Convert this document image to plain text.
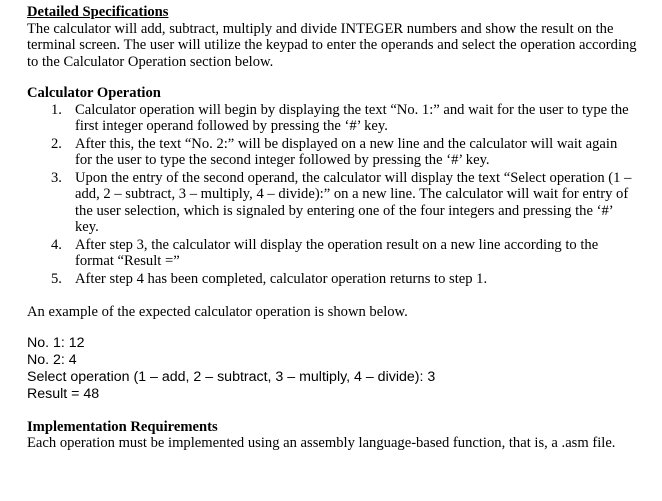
Detailed Specifications

The calculator will add, subtract, multiply and divide INTEGER numbers and show the result on the terminal screen. The user will utilize the keypad to enter the operands and select the operation according to the Calculator Operation section below.

Calculator Operation

1. Calculator operation will begin by displaying the text “No. 1:” and wait for the user to type the first integer operand followed by pressing the ‘#’ key.
2. After this, the text “No. 2:” will be displayed on a new line and the calculator will wait again for the user to type the second integer followed by pressing the ‘#’ key.
3. Upon the entry of the second operand, the calculator will display the text “Select operation (1 – add, 2 – subtract, 3 – multiply, 4 – divide):” on a new line. The calculator will wait for entry of the user selection, which is signaled by entering one of the four integers and pressing the ‘#’ key.
4. After step 3, the calculator will display the operation result on a new line according to the format “Result =”
5. After step 4 has been completed, calculator operation returns to step 1.

An example of the expected calculator operation is shown below.

No. 1: 12

No. 2: 4

Select operation (1 – add, 2 – subtract, 3 – multiply, 4 – divide): 3

Result = 48

Implementation Requirements

Each operation must be implemented using an assembly language-based function, that is, a .asm file.
